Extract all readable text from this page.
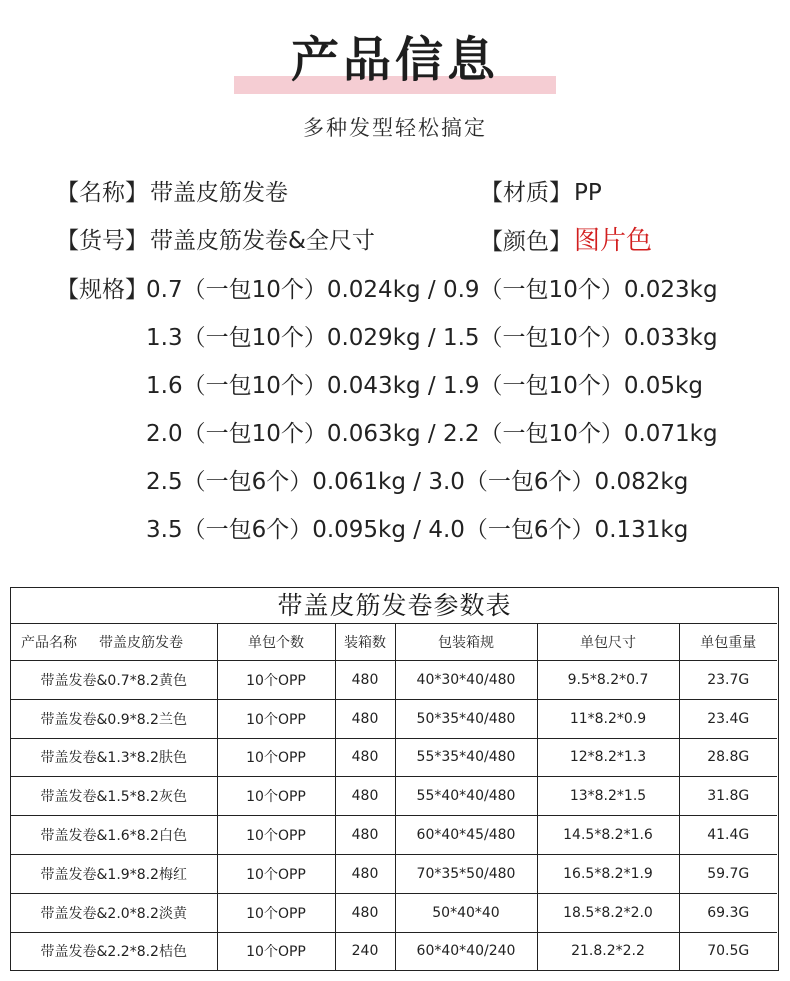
产品信息
多种发型轻松搞定
【名称】带盖皮筋发卷	【材质】PP
【货号】带盖皮筋发卷&全尺寸	【颜色】图片色
【规格】
0.7（一包10个）0.024kg / 0.9（一包10个）0.023kg
1.3（一包10个）0.029kg / 1.5（一包10个）0.033kg
1.6（一包10个）0.043kg / 1.9（一包10个）0.05kg
2.0（一包10个）0.063kg / 2.2（一包10个）0.071kg
2.5（一包6个）0.061kg / 3.0（一包6个）0.082kg
3.5（一包6个）0.095kg / 4.0（一包6个）0.131kg
带盖皮筋发卷参数表
产品名称 带盖皮筋发卷	单包个数	装箱数	包装箱规	单包尺寸	单包重量
带盖发卷&0.7*8.2黄色	10个OPP	480	40*30*40/480	9.5*8.2*0.7	23.7G
带盖发卷&0.9*8.2兰色	10个OPP	480	50*35*40/480	11*8.2*0.9	23.4G
带盖发卷&1.3*8.2肤色	10个OPP	480	55*35*40/480	12*8.2*1.3	28.8G
带盖发卷&1.5*8.2灰色	10个OPP	480	55*40*40/480	13*8.2*1.5	31.8G
带盖发卷&1.6*8.2白色	10个OPP	480	60*40*45/480	14.5*8.2*1.6	41.4G
带盖发卷&1.9*8.2梅红	10个OPP	480	70*35*50/480	16.5*8.2*1.9	59.7G
带盖发卷&2.0*8.2淡黄	10个OPP	480	50*40*40	18.5*8.2*2.0	69.3G
带盖发卷&2.2*8.2桔色	10个OPP	240	60*40*40/240	21.8.2*2.2	70.5G
